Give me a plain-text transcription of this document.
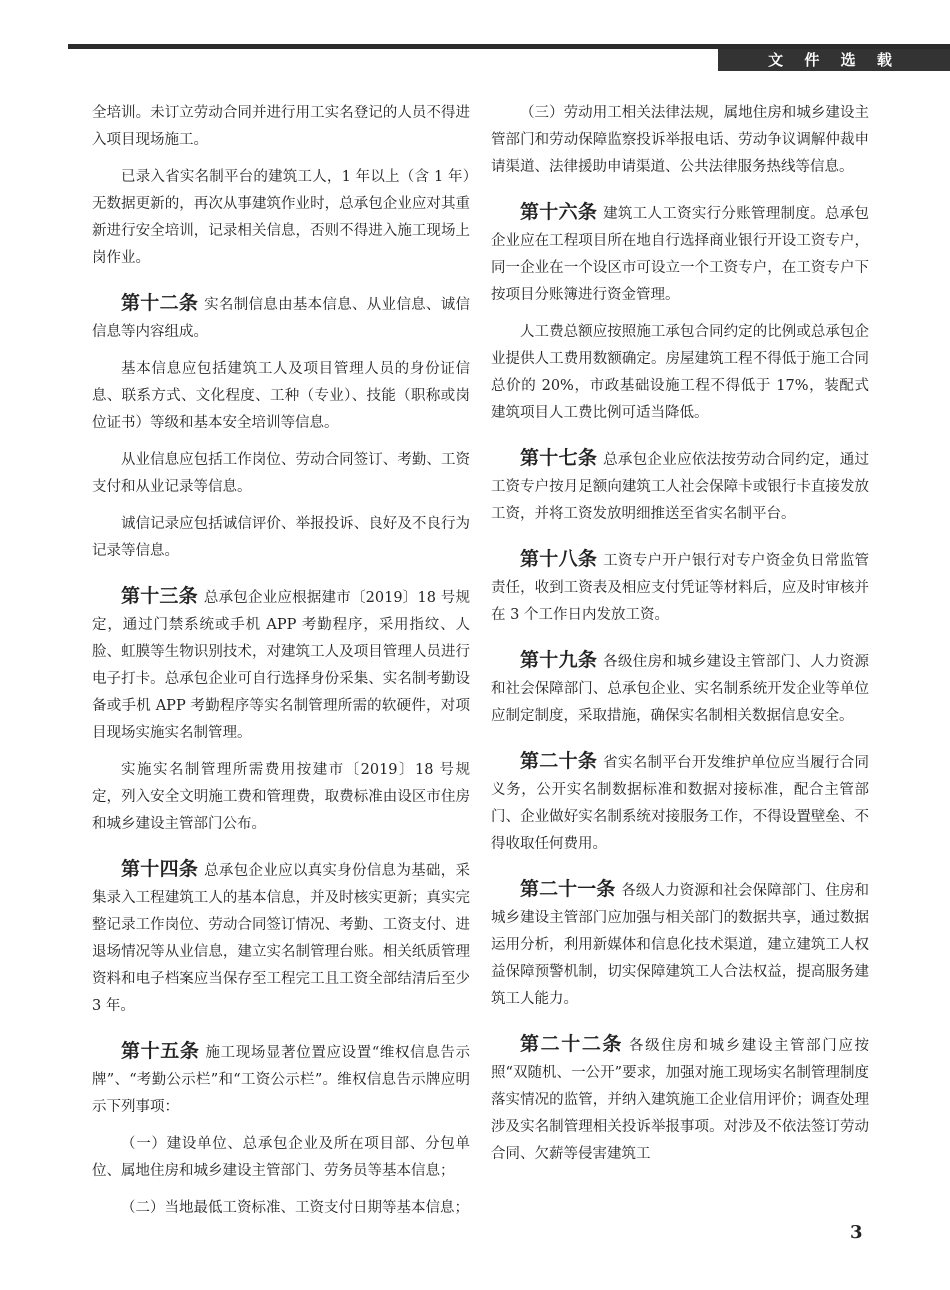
文 件 选 载

全培训。未订立劳动合同并进行用工实名登记的人员不得进入项目现场施工。

已录入省实名制平台的建筑工人，1 年以上（含 1 年）无数据更新的，再次从事建筑作业时，总承包企业应对其重新进行安全培训，记录相关信息，否则不得进入施工现场上岗作业。

第十二条 实名制信息由基本信息、从业信息、诚信信息等内容组成。

基本信息应包括建筑工人及项目管理人员的身份证信息、联系方式、文化程度、工种（专业）、技能（职称或岗位证书）等级和基本安全培训等信息。

从业信息应包括工作岗位、劳动合同签订、考勤、工资支付和从业记录等信息。

诚信记录应包括诚信评价、举报投诉、良好及不良行为记录等信息。

第十三条 总承包企业应根据建市〔2019〕18 号规定，通过门禁系统或手机 APP 考勤程序，采用指纹、人脸、虹膜等生物识别技术，对建筑工人及项目管理人员进行电子打卡。总承包企业可自行选择身份采集、实名制考勤设备或手机 APP 考勤程序等实名制管理所需的软硬件，对项目现场实施实名制管理。

实施实名制管理所需费用按建市〔2019〕18 号规定，列入安全文明施工费和管理费，取费标准由设区市住房和城乡建设主管部门公布。

第十四条 总承包企业应以真实身份信息为基础，采集录入工程建筑工人的基本信息，并及时核实更新；真实完整记录工作岗位、劳动合同签订情况、考勤、工资支付、进退场情况等从业信息，建立实名制管理台账。相关纸质管理资料和电子档案应当保存至工程完工且工资全部结清后至少 3 年。

第十五条 施工现场显著位置应设置“维权信息告示牌”、“考勤公示栏”和“工资公示栏”。维权信息告示牌应明示下列事项：

（一）建设单位、总承包企业及所在项目部、分包单位、属地住房和城乡建设主管部门、劳务员等基本信息；

（二）当地最低工资标准、工资支付日期等基本信息；

（三）劳动用工相关法律法规，属地住房和城乡建设主管部门和劳动保障监察投诉举报电话、劳动争议调解仲裁申请渠道、法律援助申请渠道、公共法律服务热线等信息。

第十六条 建筑工人工资实行分账管理制度。总承包企业应在工程项目所在地自行选择商业银行开设工资专户，同一企业在一个设区市可设立一个工资专户，在工资专户下按项目分账簿进行资金管理。

人工费总额应按照施工承包合同约定的比例或总承包企业提供人工费用数额确定。房屋建筑工程不得低于施工合同总价的 20%，市政基础设施工程不得低于 17%，装配式建筑项目人工费比例可适当降低。

第十七条 总承包企业应依法按劳动合同约定，通过工资专户按月足额向建筑工人社会保障卡或银行卡直接发放工资，并将工资发放明细推送至省实名制平台。

第十八条 工资专户开户银行对专户资金负日常监管责任，收到工资表及相应支付凭证等材料后，应及时审核并在 3 个工作日内发放工资。

第十九条 各级住房和城乡建设主管部门、人力资源和社会保障部门、总承包企业、实名制系统开发企业等单位应制定制度，采取措施，确保实名制相关数据信息安全。

第二十条 省实名制平台开发维护单位应当履行合同义务，公开实名制数据标准和数据对接标准，配合主管部门、企业做好实名制系统对接服务工作，不得设置壁垒、不得收取任何费用。

第二十一条 各级人力资源和社会保障部门、住房和城乡建设主管部门应加强与相关部门的数据共享，通过数据运用分析，利用新媒体和信息化技术渠道，建立建筑工人权益保障预警机制，切实保障建筑工人合法权益，提高服务建筑工人能力。

第二十二条 各级住房和城乡建设主管部门应按照“双随机、一公开”要求，加强对施工现场实名制管理制度落实情况的监管，并纳入建筑施工企业信用评价；调查处理涉及实名制管理相关投诉举报事项。对涉及不依法签订劳动合同、欠薪等侵害建筑工

3
